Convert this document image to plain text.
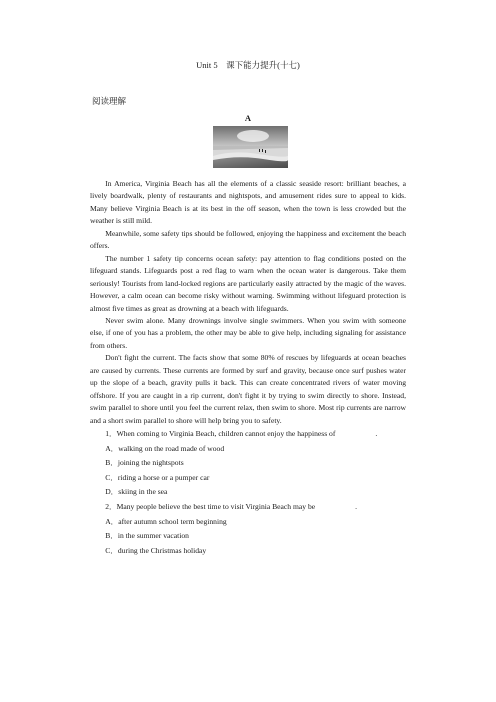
Unit 5　课下能力提升(十七)
阅读理解
A

In America, Virginia Beach has all the elements of a classic seaside resort: brilliant beaches, a lively boardwalk, plenty of restaurants and nightspots, and amusement rides sure to appeal to kids. Many believe Virginia Beach is at its best in the off season, when the town is less crowded but the weather is still mild.

Meanwhile, some safety tips should be followed, enjoying the happiness and excitement the beach offers.

The number 1 safety tip concerns ocean safety: pay attention to flag conditions posted on the lifeguard stands. Lifeguards post a red flag to warn when the ocean water is dangerous. Take them seriously! Tourists from land-locked regions are particularly easily attracted by the magic of the waves. However, a calm ocean can become risky without warning. Swimming without lifeguard protection is almost five times as great as drowning at a beach with lifeguards.

Never swim alone. Many drownings involve single swimmers. When you swim with someone else, if one of you has a problem, the other may be able to give help, including signaling for assistance from others.

Don't fight the current. The facts show that some 80% of rescues by lifeguards at ocean beaches are caused by currents. These currents are formed by surf and gravity, because once surf pushes water up the slope of a beach, gravity pulls it back. This can create concentrated rivers of water moving offshore. If you are caught in a rip current, don't fight it by trying to swim directly to shore. Instead, swim parallel to shore until you feel the current relax, then swim to shore. Most rip currents are narrow and a short swim parallel to shore will help bring you to safety.

1．When coming to Virginia Beach, children cannot enjoy the happiness of	.

A．walking on the road made of wood

B．joining the nightspots

C．riding a horse or a pumper car

D．skiing in the sea

2．Many people believe the best time to visit Virginia Beach may be	.

A．after autumn school term beginning

B．in the summer vacation

C．during the Christmas holiday
